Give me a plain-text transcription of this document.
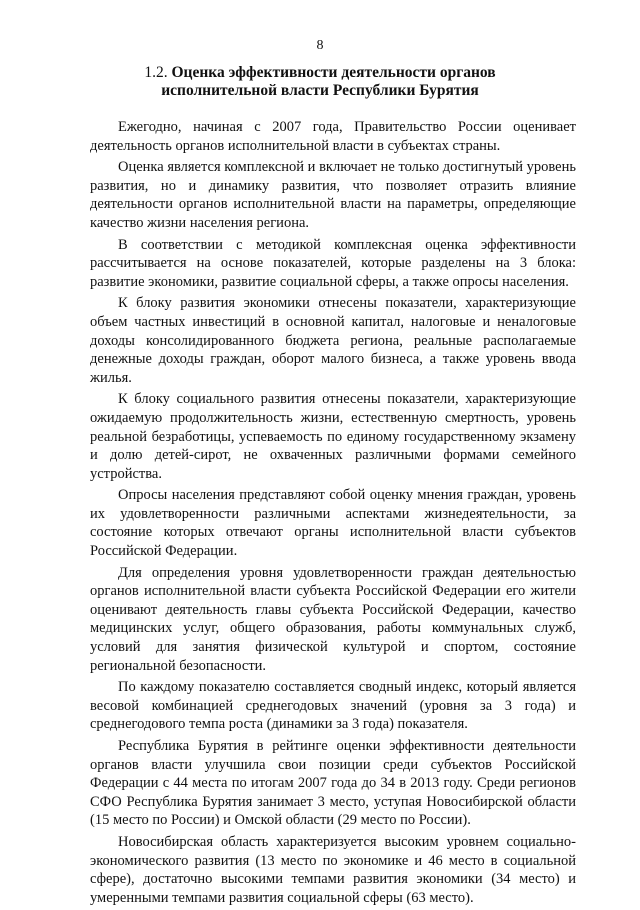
8
1.2. Оценка эффективности деятельности органов
исполнительной власти Республики Бурятия

Ежегодно, начиная с 2007 года, Правительство России оценивает деятельность органов исполнительной власти в субъектах страны.

Оценка является комплексной и включает не только достигнутый уровень развития, но и динамику развития, что позволяет отразить влияние деятельности органов исполнительной власти на параметры, определяющие качество жизни населения региона.

В соответствии с методикой комплексная оценка эффективности рассчитывается на основе показателей, которые разделены на 3 блока: развитие экономики, развитие социальной сферы, а также опросы населения.

К блоку развития экономики отнесены показатели, характеризующие объем частных инвестиций в основной капитал, налоговые и неналоговые доходы консолидированного бюджета региона, реальные располагаемые денежные доходы граждан, оборот малого бизнеса, а также уровень ввода жилья.

К блоку социального развития отнесены показатели, характеризующие ожидаемую продолжительность жизни, естественную смертность, уровень реальной безработицы, успеваемость по единому государственному экзамену и долю детей-сирот, не охваченных различными формами семейного устройства.

Опросы населения представляют собой оценку мнения граждан, уровень их удовлетворенности различными аспектами жизнедеятельности, за состояние которых отвечают органы исполнительной власти субъектов Российской Федерации.

Для определения уровня удовлетворенности граждан деятельностью органов исполнительной власти субъекта Российской Федерации его жители оценивают деятельность главы субъекта Российской Федерации, качество медицинских услуг, общего образования, работы коммунальных служб, условий для занятия физической культурой и спортом, состояние региональной безопасности.

По каждому показателю составляется сводный индекс, который является весовой комбинацией среднегодовых значений (уровня за 3 года) и среднегодового темпа роста (динамики за 3 года) показателя.

Республика Бурятия в рейтинге оценки эффективности деятельности органов власти улучшила свои позиции среди субъектов Российской Федерации с 44 места по итогам 2007 года до 34 в 2013 году. Среди регионов СФО Республика Бурятия занимает 3 место, уступая Новосибирской области (15 место по России) и Омской области (29 место по России).

Новосибирская область характеризуется высоким уровнем социально-экономического развития (13 место по экономике и 46 место в социальной сфере), достаточно высокими темпами развития экономики (34 место) и умеренными темпами развития социальной сферы (63 место).
